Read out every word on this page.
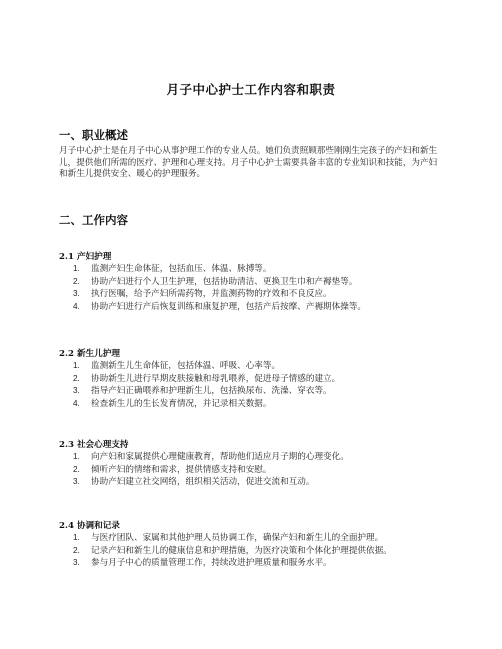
月子中心护士工作内容和职责
一、职业概述
月子中心护士是在月子中心从事护理工作的专业人员。她们负责照顾那些刚刚生完孩子的产妇和新生儿，提供他们所需的医疗、护理和心理支持。月子中心护士需要具备丰富的专业知识和技能，为产妇和新生儿提供安全、暖心的护理服务。
二、工作内容
2.1 产妇护理
1. 监测产妇生命体征，包括血压、体温、脉搏等。
2. 协助产妇进行个人卫生护理，包括协助清洁、更换卫生巾和产褥垫等。
3. 执行医嘱，给予产妇所需药物，并监测药物的疗效和不良反应。
4. 协助产妇进行产后恢复训练和康复护理，包括产后按摩、产褥期体操等。
2.2 新生儿护理
1. 监测新生儿生命体征，包括体温、呼吸、心率等。
2. 协助新生儿进行早期皮肤接触和母乳喂养，促进母子情感的建立。
3. 指导产妇正确喂养和护理新生儿，包括换尿布、洗澡、穿衣等。
4. 检查新生儿的生长发育情况，并记录相关数据。
2.3 社会心理支持
1. 向产妇和家属提供心理健康教育，帮助他们适应月子期的心理变化。
2. 倾听产妇的情绪和需求，提供情感支持和安慰。
3. 协助产妇建立社交网络，组织相关活动，促进交流和互动。
2.4 协调和记录
1. 与医疗团队、家属和其他护理人员协调工作，确保产妇和新生儿的全面护理。
2. 记录产妇和新生儿的健康信息和护理措施，为医疗决策和个体化护理提供依据。
3. 参与月子中心的质量管理工作，持续改进护理质量和服务水平。
